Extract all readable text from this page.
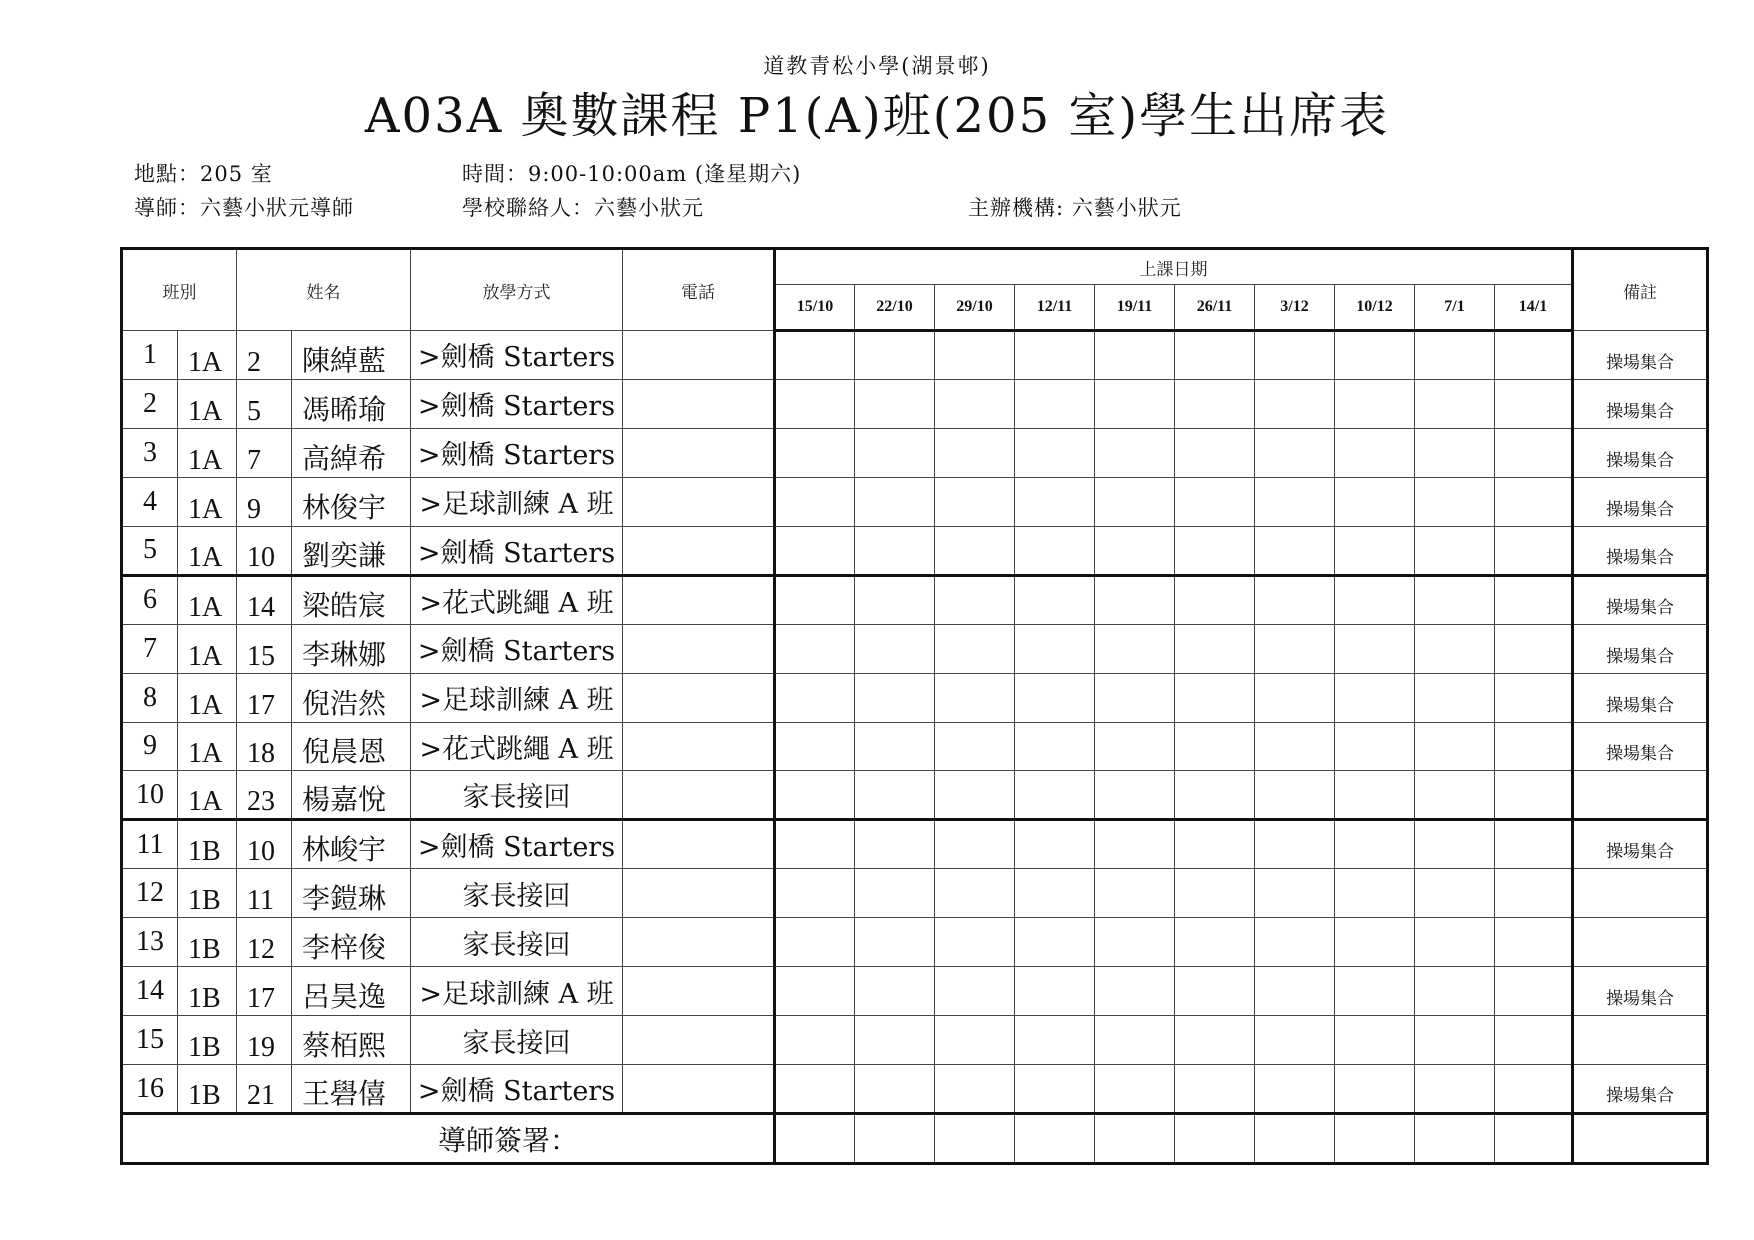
道教青松小學(湖景邨)
A03A 奧數課程 P1(A)班(205 室)學生出席表
地點：205 室	時間：9:00-10:00am (逢星期六)
導師：六藝小狀元導師	學校聯絡人：六藝小狀元	主辦機構: 六藝小狀元
班別		姓名		放學方式	電話	上課日期										備註
						15/10	22/10	29/10	12/11	19/11	26/11	3/12	10/12	7/1	14/1	
1	1A	2	陳綽藍	>劍橋 Starters												操場集合
2	1A	5	馮晞瑜	>劍橋 Starters												操場集合
3	1A	7	高綽希	>劍橋 Starters												操場集合
4	1A	9	林俊宇	>足球訓練 A 班												操場集合
5	1A	10	劉奕謙	>劍橋 Starters												操場集合
6	1A	14	梁皓宸	>花式跳繩 A 班												操場集合
7	1A	15	李琳娜	>劍橋 Starters												操場集合
8	1A	17	倪浩然	>足球訓練 A 班												操場集合
9	1A	18	倪晨恩	>花式跳繩 A 班												操場集合
10	1A	23	楊嘉悅	家長接回												
11	1B	10	林峻宇	>劍橋 Starters												操場集合
12	1B	11	李鎧琳	家長接回												
13	1B	12	李梓俊	家長接回												
14	1B	17	呂昊逸	>足球訓練 A 班												操場集合
15	1B	19	蔡栢熙	家長接回												
16	1B	21	王礐僖	>劍橋 Starters												操場集合
導師簽署：																
